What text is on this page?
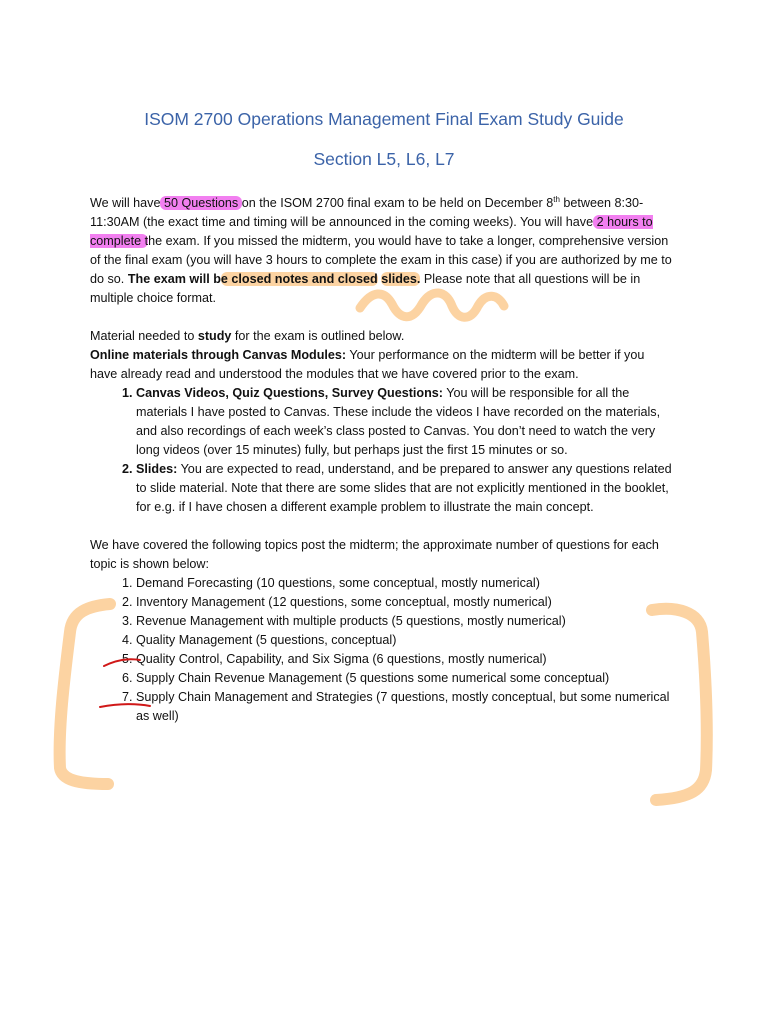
ISOM 2700 Operations Management Final Exam Study Guide
Section L5, L6, L7

We will have 50 Questions on the ISOM 2700 final exam to be held on December 8th between 8:30-11:30AM (the exact time and timing will be announced in the coming weeks). You will have 2 hours to complete the exam. If you missed the midterm, you would have to take a longer, comprehensive version of the final exam (you will have 3 hours to complete the exam in this case) if you are authorized by me to do so. The exam will be closed notes and closed slides. Please note that all questions will be in multiple choice format.

Material needed to study for the exam is outlined below.

Online materials through Canvas Modules: Your performance on the midterm will be better if you have already read and understood the modules that we have covered prior to the exam.

1. Canvas Videos, Quiz Questions, Survey Questions: You will be responsible for all the materials I have posted to Canvas. These include the videos I have recorded on the materials, and also recordings of each week’s class posted to Canvas. You don’t need to watch the very long videos (over 15 minutes) fully, but perhaps just the first 15 minutes or so.
2. Slides: You are expected to read, understand, and be prepared to answer any questions related to slide material. Note that there are some slides that are not explicitly mentioned in the booklet, for e.g. if I have chosen a different example problem to illustrate the main concept.

We have covered the following topics post the midterm; the approximate number of questions for each topic is shown below:

1. Demand Forecasting (10 questions, some conceptual, mostly numerical)
2. Inventory Management (12 questions, some conceptual, mostly numerical)
3. Revenue Management with multiple products (5 questions, mostly numerical)
4. Quality Management (5 questions, conceptual)
5. Quality Control, Capability, and Six Sigma (6 questions, mostly numerical)
6. Supply Chain Revenue Management (5 questions some numerical some conceptual)
7. Supply Chain Management and Strategies (7 questions, mostly conceptual, but some numerical as well)
